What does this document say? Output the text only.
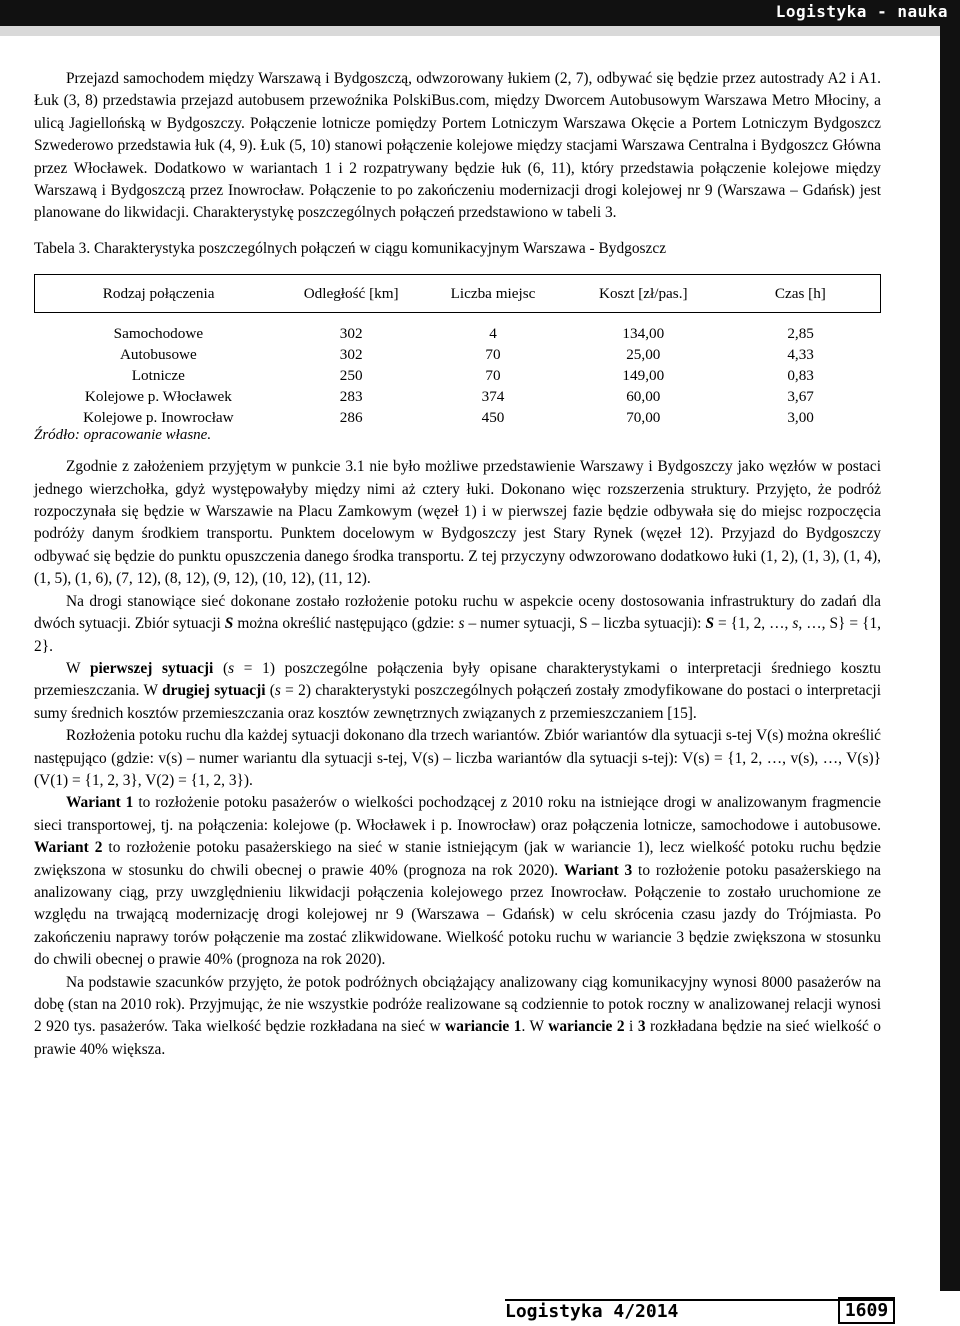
Logistyka - nauka

Przejazd samochodem między Warszawą i Bydgoszczą, odwzorowany łukiem (2, 7), odbywać się będzie przez autostrady A2 i A1. Łuk (3, 8) przedstawia przejazd autobusem przewoźnika PolskiBus.com, między Dworcem Autobusowym Warszawa Metro Młociny, a ulicą Jagiellońską w Bydgoszczy. Połączenie lotnicze pomiędzy Portem Lotniczym Warszawa Okęcie a Portem Lotniczym Bydgoszcz Szwederowo przedstawia łuk (4, 9). Łuk (5, 10) stanowi połączenie kolejowe między stacjami Warszawa Centralna i Bydgoszcz Główna przez Włocławek. Dodatkowo w wariantach 1 i 2 rozpatrywany będzie łuk (6, 11), który przedstawia połączenie kolejowe między Warszawą i Bydgoszczą przez Inowrocław. Połączenie to po zakończeniu modernizacji drogi kolejowej nr 9 (Warszawa – Gdańsk) jest planowane do likwidacji. Charakterystykę poszczególnych połączeń przedstawiono w tabeli 3.

Tabela 3. Charakterystyka poszczególnych połączeń w ciągu komunikacyjnym Warszawa - Bydgoszcz

Rodzaj połączenia	Odległość [km]	Liczba miejsc	Koszt [zł/pas.]	Czas [h]
Samochodowe	302	4	134,00	2,85
Autobusowe	302	70	25,00	4,33
Lotnicze	250	70	149,00	0,83
Kolejowe p. Włocławek	283	374	60,00	3,67
Kolejowe p. Inowrocław	286	450	70,00	3,00

Źródło: opracowanie własne.

Zgodnie z założeniem przyjętym w punkcie 3.1 nie było możliwe przedstawienie Warszawy i Bydgoszczy jako węzłów w postaci jednego wierzchołka, gdyż występowałyby między nimi aż cztery łuki. Dokonano więc rozszerzenia struktury. Przyjęto, że podróż rozpoczynała się będzie w Warszawie na Placu Zamkowym (węzeł 1) i w pierwszej fazie będzie odbywała się do miejsc rozpoczęcia podróży danym środkiem transportu. Punktem docelowym w Bydgoszczy jest Stary Rynek (węzeł 12). Przyjazd do Bydgoszczy odbywać się będzie do punktu opuszczenia danego środka transportu. Z tej przyczyny odwzorowano dodatkowo łuki (1, 2), (1, 3), (1, 4), (1, 5), (1, 6), (7, 12), (8, 12), (9, 12), (10, 12), (11, 12).

Na drogi stanowiące sieć dokonane zostało rozłożenie potoku ruchu w aspekcie oceny dostosowania infrastruktury do zadań dla dwóch sytuacji. Zbiór sytuacji S można określić następująco (gdzie: s – numer sytuacji, S – liczba sytuacji): S = {1, 2, …, s, …, S} = {1, 2}.

W pierwszej sytuacji (s = 1) poszczególne połączenia były opisane charakterystykami o interpretacji średniego kosztu przemieszczania. W drugiej sytuacji (s = 2) charakterystyki poszczególnych połączeń zostały zmodyfikowane do postaci o interpretacji sumy średnich kosztów przemieszczania oraz kosztów zewnętrznych związanych z przemieszczaniem [15].

Rozłożenia potoku ruchu dla każdej sytuacji dokonano dla trzech wariantów. Zbiór wariantów dla sytuacji s-tej V(s) można określić następująco (gdzie: v(s) – numer wariantu dla sytuacji s-tej, V(s) – liczba wariantów dla sytuacji s-tej): V(s) = {1, 2, …, v(s), …, V(s)} (V(1) = {1, 2, 3}, V(2) = {1, 2, 3}).

Wariant 1 to rozłożenie potoku pasażerów o wielkości pochodzącej z 2010 roku na istniejące drogi w analizowanym fragmencie sieci transportowej, tj. na połączenia: kolejowe (p. Włocławek i p. Inowrocław) oraz połączenia lotnicze, samochodowe i autobusowe. Wariant 2 to rozłożenie potoku pasażerskiego na sieć w stanie istniejącym (jak w wariancie 1), lecz wielkość potoku ruchu będzie zwiększona w stosunku do chwili obecnej o prawie 40% (prognoza na rok 2020). Wariant 3 to rozłożenie potoku pasażerskiego na analizowany ciąg, przy uwzględnieniu likwidacji połączenia kolejowego przez Inowrocław. Połączenie to zostało uruchomione ze względu na trwającą modernizację drogi kolejowej nr 9 (Warszawa – Gdańsk) w celu skrócenia czasu jazdy do Trójmiasta. Po zakończeniu naprawy torów połączenie ma zostać zlikwidowane. Wielkość potoku ruchu w wariancie 3 będzie zwiększona w stosunku do chwili obecnej o prawie 40% (prognoza na rok 2020).

Na podstawie szacunków przyjęto, że potok podróżnych obciążający analizowany ciąg komunikacyjny wynosi 8000 pasażerów na dobę (stan na 2010 rok). Przyjmując, że nie wszystkie podróże realizowane są codziennie to potok roczny w analizowanej relacji wynosi 2 920 tys. pasażerów. Taka wielkość będzie rozkładana na sieć w wariancie 1. W wariancie 2 i 3 rozkładana będzie na sieć wielkość o prawie 40% większa.

Logistyka 4/2014	1609
